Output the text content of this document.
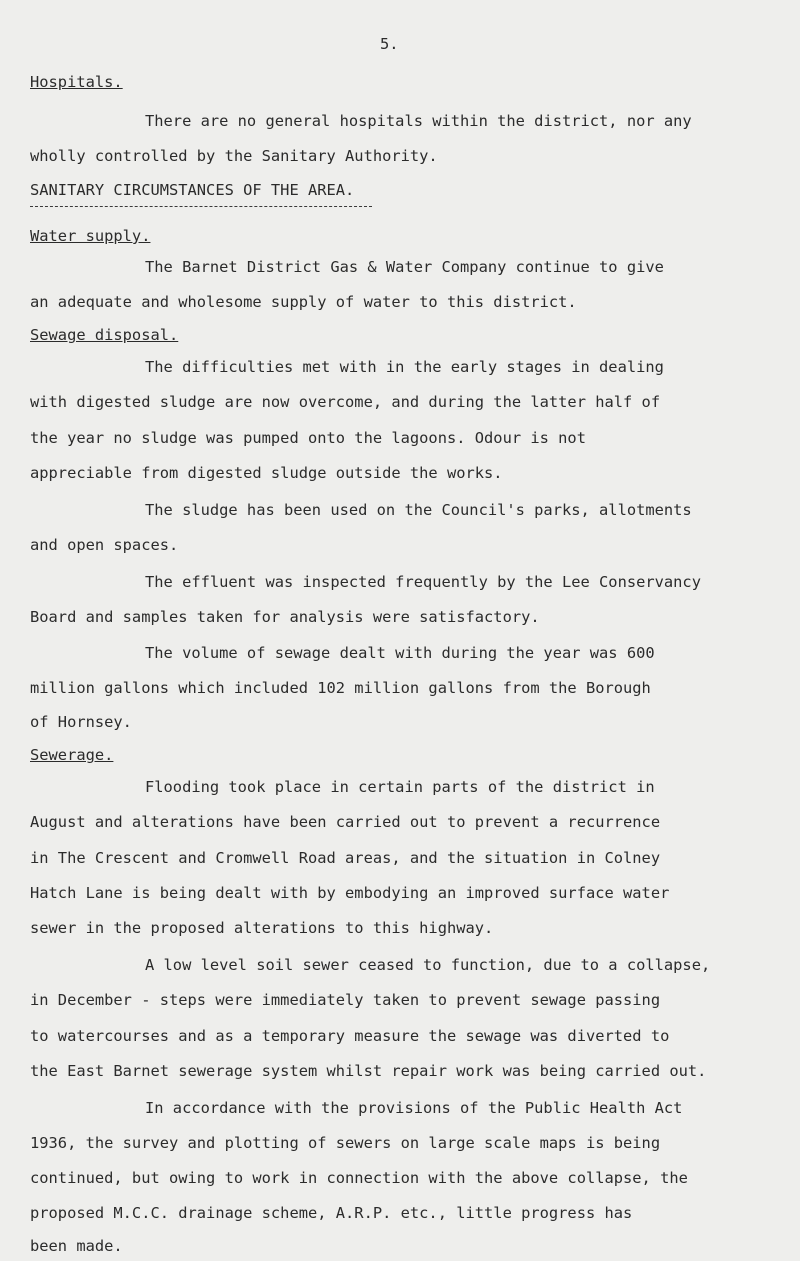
5.
Hospitals.
There are no general hospitals within the district, nor any
wholly controlled by the Sanitary Authority.
SANITARY CIRCUMSTANCES OF THE AREA.
Water supply.
The Barnet District Gas & Water Company continue to give
an adequate and wholesome supply of water to this district.
Sewage disposal.
The difficulties met with in the early stages in dealing
with digested sludge are now overcome, and during the latter half of
the year no sludge was pumped onto the lagoons. Odour is not
appreciable from digested sludge outside the works.
The sludge has been used on the Council's parks, allotments
and open spaces.
The effluent was inspected frequently by the Lee Conservancy
Board and samples taken for analysis were satisfactory.
The volume of sewage dealt with during the year was 600
million gallons which included 102 million gallons from the Borough
of Hornsey.
Sewerage.
Flooding took place in certain parts of the district in
August and alterations have been carried out to prevent a recurrence
in The Crescent and Cromwell Road areas, and the situation in Colney
Hatch Lane is being dealt with by embodying an improved surface water
sewer in the proposed alterations to this highway.
A low level soil sewer ceased to function, due to a collapse,
in December - steps were immediately taken to prevent sewage passing
to watercourses and as a temporary measure the sewage was diverted to
the East Barnet sewerage system whilst repair work was being carried out.
In accordance with the provisions of the Public Health Act
1936, the survey and plotting of sewers on large scale maps is being
continued, but owing to work in connection with the above collapse, the
proposed M.C.C. drainage scheme, A.R.P. etc., little progress has
been made.
